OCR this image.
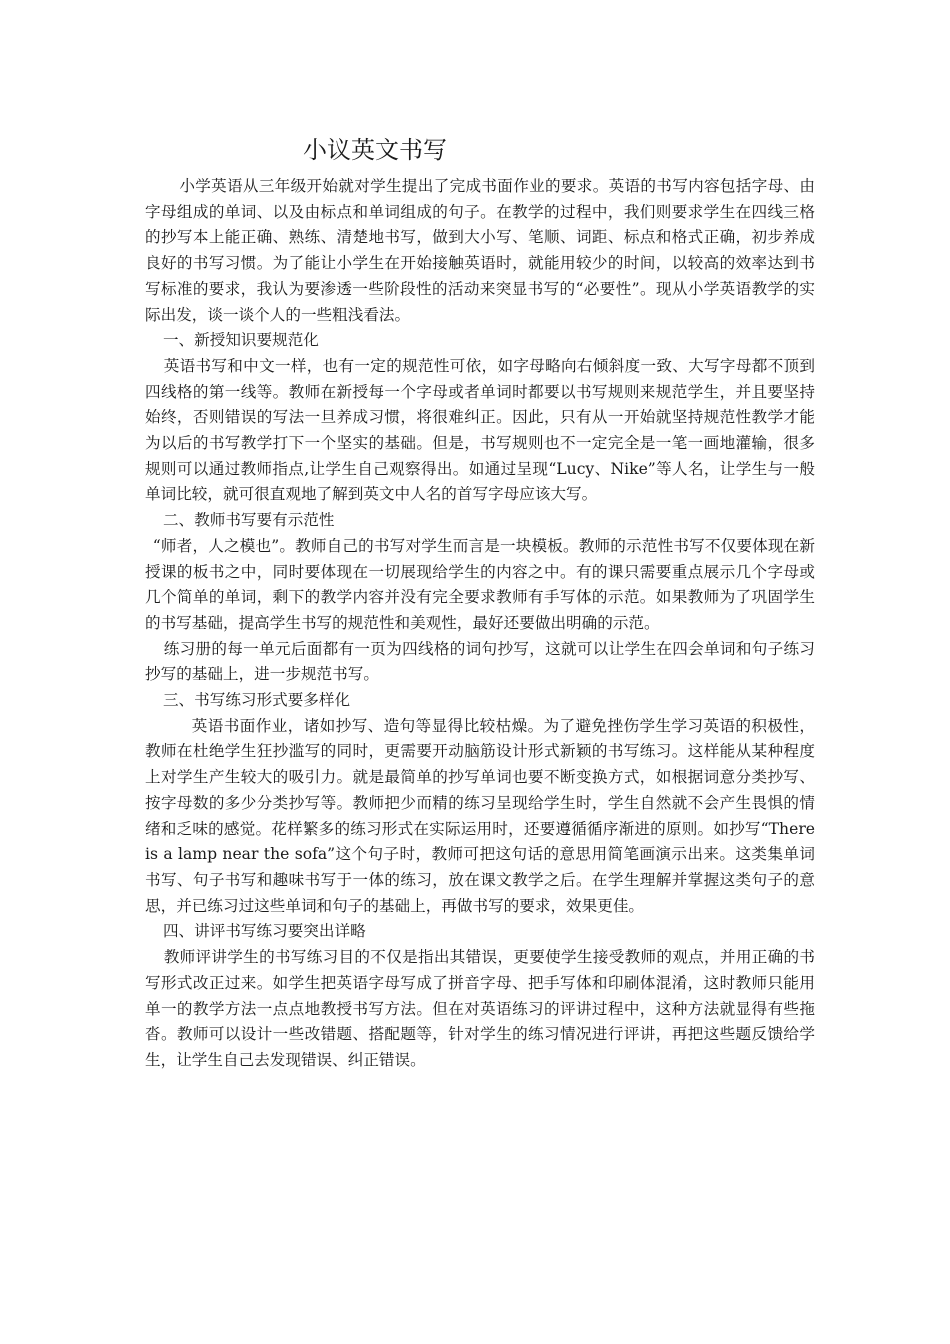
小议英文书写

小学英语从三年级开始就对学生提出了完成书面作业的要求。英语的书写内容包括字母、由字母组成的单词、以及由标点和单词组成的句子。在教学的过程中，我们则要求学生在四线三格的抄写本上能正确、熟练、清楚地书写，做到大小写、笔顺、词距、标点和格式正确，初步养成良好的书写习惯。为了能让小学生在开始接触英语时，就能用较少的时间，以较高的效率达到书写标准的要求，我认为要渗透一些阶段性的活动来突显书写的“必要性”。现从小学英语教学的实际出发，谈一谈个人的一些粗浅看法。

一、新授知识要规范化

英语书写和中文一样，也有一定的规范性可依，如字母略向右倾斜度一致、大写字母都不顶到四线格的第一线等。教师在新授每一个字母或者单词时都要以书写规则来规范学生，并且要坚持始终，否则错误的写法一旦养成习惯，将很难纠正。因此，只有从一开始就坚持规范性教学才能为以后的书写教学打下一个坚实的基础。但是，书写规则也不一定完全是一笔一画地灌输，很多规则可以通过教师指点,让学生自己观察得出。如通过呈现“Lucy、Nike”等人名，让学生与一般单词比较，就可很直观地了解到英文中人名的首写字母应该大写。

二、教师书写要有示范性

“师者，人之模也”。教师自己的书写对学生而言是一块模板。教师的示范性书写不仅要体现在新授课的板书之中，同时要体现在一切展现给学生的内容之中。有的课只需要重点展示几个字母或几个简单的单词，剩下的教学内容并没有完全要求教师有手写体的示范。如果教师为了巩固学生的书写基础，提高学生书写的规范性和美观性，最好还要做出明确的示范。

练习册的每一单元后面都有一页为四线格的词句抄写，这就可以让学生在四会单词和句子练习抄写的基础上，进一步规范书写。

三、书写练习形式要多样化

英语书面作业，诸如抄写、造句等显得比较枯燥。为了避免挫伤学生学习英语的积极性，教师在杜绝学生狂抄滥写的同时，更需要开动脑筋设计形式新颖的书写练习。这样能从某种程度上对学生产生较大的吸引力。就是最简单的抄写单词也要不断变换方式，如根据词意分类抄写、按字母数的多少分类抄写等。教师把少而精的练习呈现给学生时，学生自然就不会产生畏惧的情绪和乏味的感觉。花样繁多的练习形式在实际运用时，还要遵循循序渐进的原则。如抄写“There is a lamp near the sofa”这个句子时，教师可把这句话的意思用简笔画演示出来。这类集单词书写、句子书写和趣味书写于一体的练习，放在课文教学之后。在学生理解并掌握这类句子的意思，并已练习过这些单词和句子的基础上，再做书写的要求，效果更佳。

四、讲评书写练习要突出详略

教师评讲学生的书写练习目的不仅是指出其错误，更要使学生接受教师的观点，并用正确的书写形式改正过来。如学生把英语字母写成了拼音字母、把手写体和印刷体混淆，这时教师只能用单一的教学方法一点点地教授书写方法。但在对英语练习的评讲过程中，这种方法就显得有些拖沓。教师可以设计一些改错题、搭配题等，针对学生的练习情况进行评讲，再把这些题反馈给学生，让学生自己去发现错误、纠正错误。
